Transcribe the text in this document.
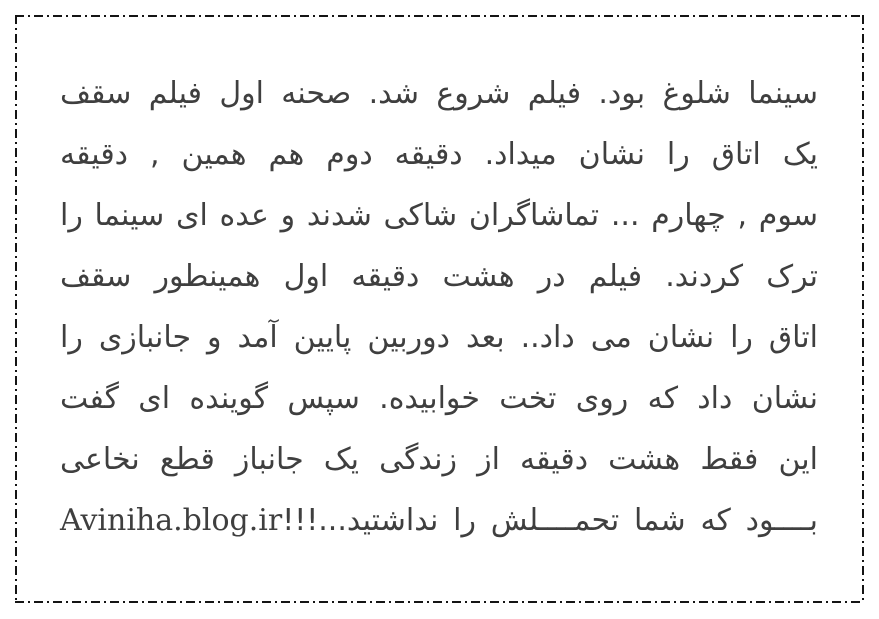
سینما شلوغ بود. فیلم شروع شد. صحنه اول فیلم سقف

یک اتاق را نشان میداد. دقیقه دوم هم همین , دقیقه

سوم , چهارم ... تماشاگران شاکی شدند و عده ای سینما را

ترک کردند. فیلم در هشت دقیقه اول همینطور سقف

اتاق را نشان می داد.. بعد دوربین پایین آمد و جانبازی را

نشان داد که روی تخت خوابیده. سپس گوینده ای گفت

این فقط هشت دقیقه از زندگی یک جانباز قطع نخاعی

بــــود که شما تحمــــلش را نداشتید...!!!Aviniha.blog.ir
